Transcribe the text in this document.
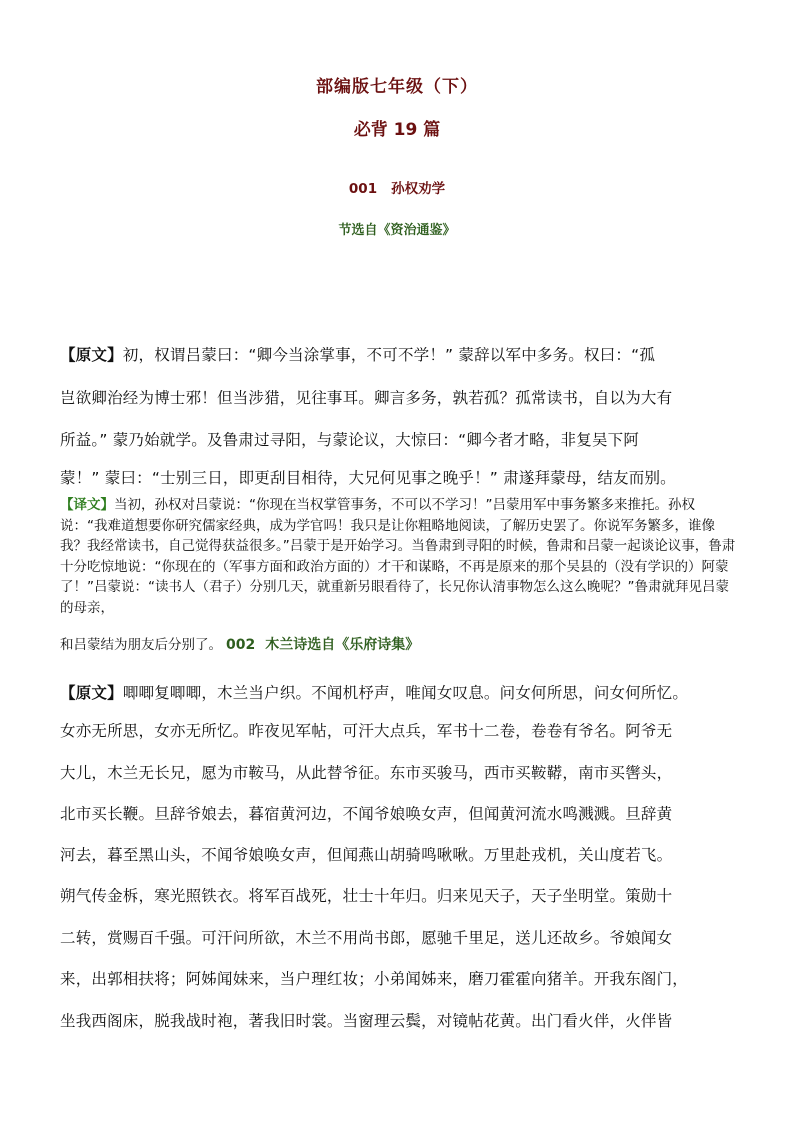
部编版七年级（下）
必背 19 篇
001 孙权劝学
节选自《资治通鉴》
【原文】初，权谓吕蒙曰：“卿今当涂掌事，不可不学！” 蒙辞以军中多务。权曰：“孤
岂欲卿治经为博士邪！但当涉猎，见往事耳。卿言多务，孰若孤？孤常读书，自以为大有
所益。” 蒙乃始就学。及鲁肃过寻阳，与蒙论议，大惊曰：“卿今者才略，非复吴下阿
蒙！” 蒙曰：“士别三日，即更刮目相待，大兄何见事之晚乎！” 肃遂拜蒙母，结友而别。
【译文】当初，孙权对吕蒙说：“你现在当权掌管事务，不可以不学习！”吕蒙用军中事务繁多来推托。孙权说：“我难道想要你研究儒家经典，成为学官吗！我只是让你粗略地阅读，了解历史罢了。你说军务繁多，谁像我？我经常读书，自己觉得获益很多。”吕蒙于是开始学习。当鲁肃到寻阳的时候，鲁肃和吕蒙一起谈论议事，鲁肃十分吃惊地说：“你现在的（军事方面和政治方面的）才干和谋略，不再是原来的那个吴县的（没有学识的）阿蒙了！”吕蒙说：“读书人（君子）分别几天，就重新另眼看待了，长兄你认清事物怎么这么晚呢？”鲁肃就拜见吕蒙的母亲，
和吕蒙结为朋友后分别了。 002 木兰诗选自《乐府诗集》
【原文】唧唧复唧唧，木兰当户织。不闻机杼声，唯闻女叹息。问女何所思，问女何所忆。
女亦无所思，女亦无所忆。昨夜见军帖，可汗大点兵，军书十二卷，卷卷有爷名。阿爷无
大儿，木兰无长兄，愿为市鞍马，从此替爷征。东市买骏马，西市买鞍鞯，南市买辔头，
北市买长鞭。旦辞爷娘去，暮宿黄河边，不闻爷娘唤女声，但闻黄河流水鸣溅溅。旦辞黄
河去，暮至黑山头，不闻爷娘唤女声，但闻燕山胡骑鸣啾啾。万里赴戎机，关山度若飞。
朔气传金柝，寒光照铁衣。将军百战死，壮士十年归。归来见天子，天子坐明堂。策勋十
二转，赏赐百千强。可汗问所欲，木兰不用尚书郎，愿驰千里足，送儿还故乡。爷娘闻女
来，出郭相扶将；阿姊闻妹来，当户理红妆；小弟闻姊来，磨刀霍霍向猪羊。开我东阁门，
坐我西阁床，脱我战时袍，著我旧时裳。当窗理云鬓，对镜帖花黄。出门看火伴，火伴皆
